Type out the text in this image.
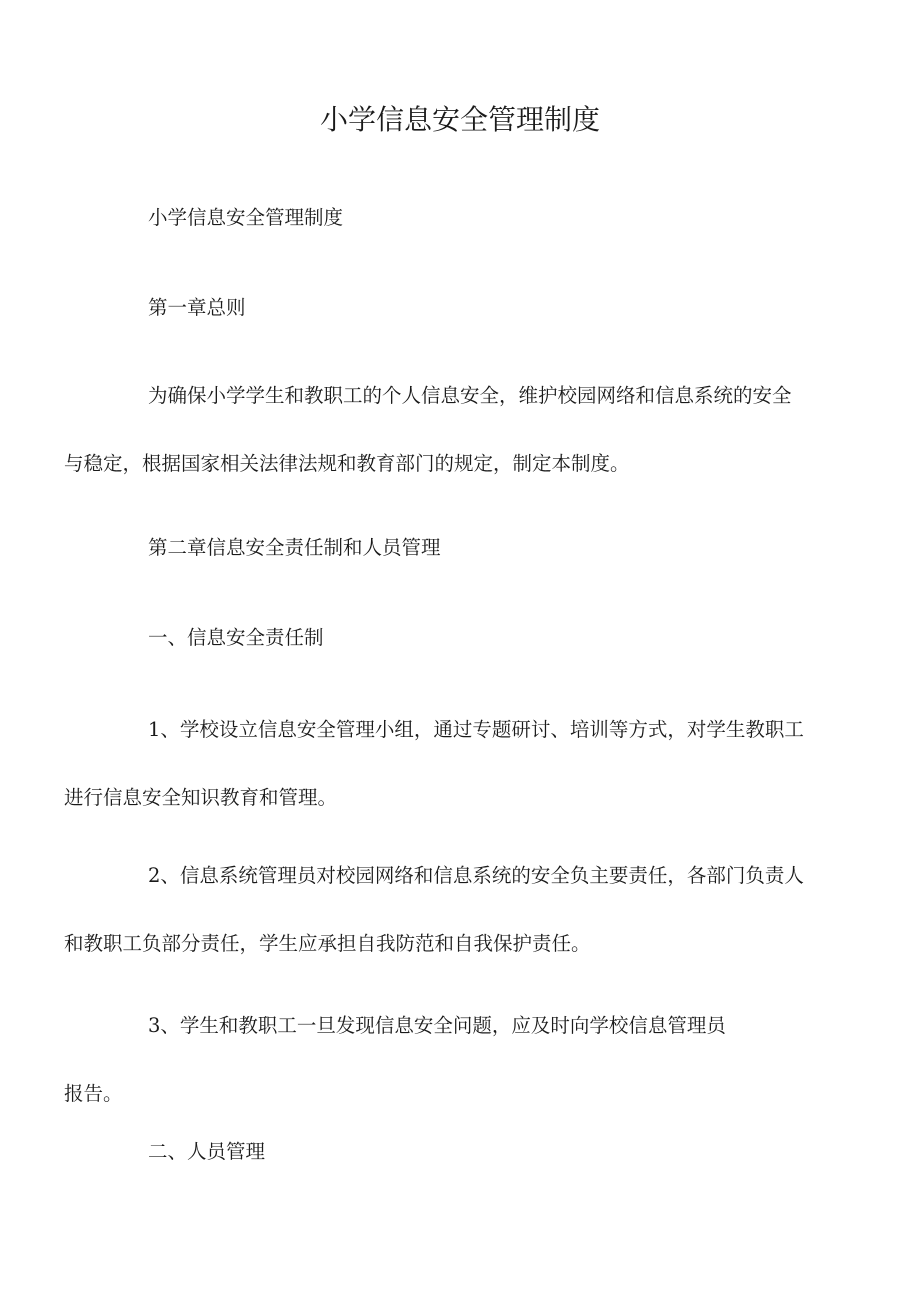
小学信息安全管理制度

小学信息安全管理制度

第一章总则

为确保小学学生和教职工的个人信息安全，维护校园网络和信息系统的安全
与稳定，根据国家相关法律法规和教育部门的规定，制定本制度。

第二章信息安全责任制和人员管理

一、信息安全责任制

1、学校设立信息安全管理小组，通过专题研讨、培训等方式，对学生教职工
进行信息安全知识教育和管理。
2、信息系统管理员对校园网络和信息系统的安全负主要责任，各部门负责人
和教职工负部分责任，学生应承担自我防范和自我保护责任。
3、学生和教职工一旦发现信息安全问题，应及时向学校信息管理员
报告。

二、人员管理
